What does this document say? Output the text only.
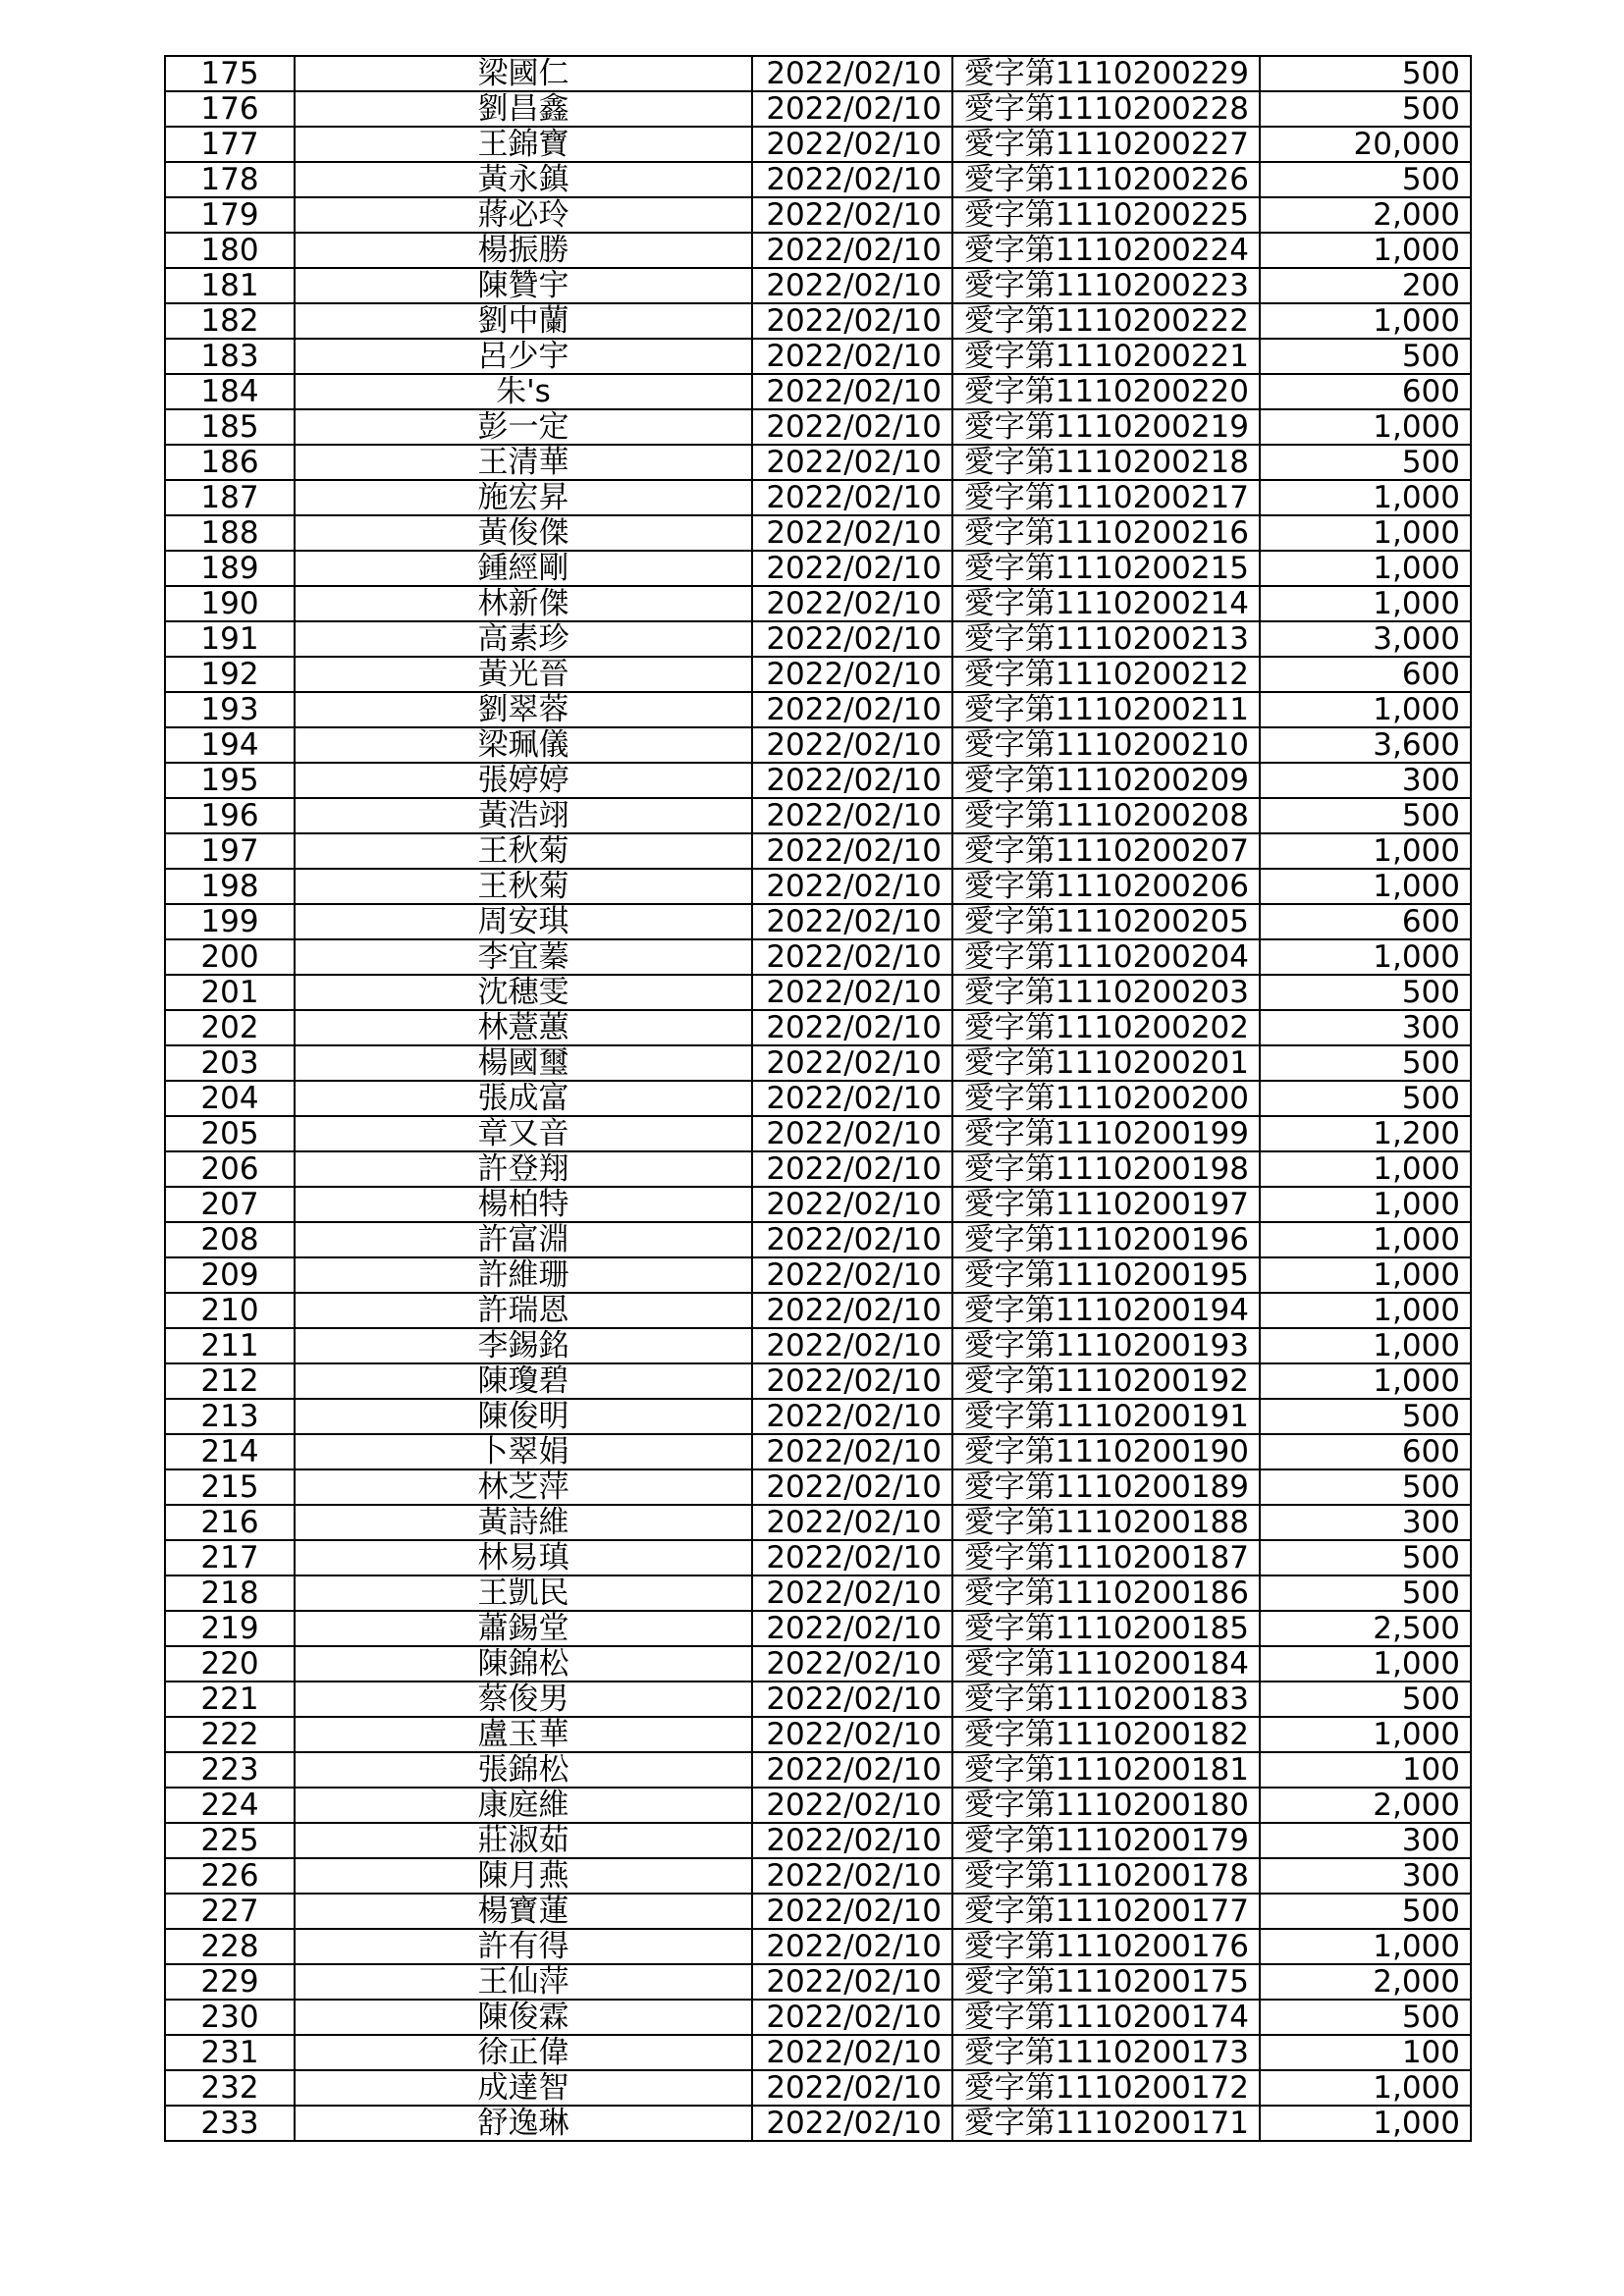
175	梁國仁	2022/02/10	愛字第1110200229	500
176	劉昌鑫	2022/02/10	愛字第1110200228	500
177	王錦寶	2022/02/10	愛字第1110200227	20,000
178	黃永鎮	2022/02/10	愛字第1110200226	500
179	蔣必玲	2022/02/10	愛字第1110200225	2,000
180	楊振勝	2022/02/10	愛字第1110200224	1,000
181	陳贊宇	2022/02/10	愛字第1110200223	200
182	劉中蘭	2022/02/10	愛字第1110200222	1,000
183	呂少宇	2022/02/10	愛字第1110200221	500
184	朱's	2022/02/10	愛字第1110200220	600
185	彭一定	2022/02/10	愛字第1110200219	1,000
186	王清華	2022/02/10	愛字第1110200218	500
187	施宏昇	2022/02/10	愛字第1110200217	1,000
188	黃俊傑	2022/02/10	愛字第1110200216	1,000
189	鍾經剛	2022/02/10	愛字第1110200215	1,000
190	林新傑	2022/02/10	愛字第1110200214	1,000
191	高素珍	2022/02/10	愛字第1110200213	3,000
192	黃光晉	2022/02/10	愛字第1110200212	600
193	劉翠蓉	2022/02/10	愛字第1110200211	1,000
194	梁珮儀	2022/02/10	愛字第1110200210	3,600
195	張婷婷	2022/02/10	愛字第1110200209	300
196	黃浩翊	2022/02/10	愛字第1110200208	500
197	王秋菊	2022/02/10	愛字第1110200207	1,000
198	王秋菊	2022/02/10	愛字第1110200206	1,000
199	周安琪	2022/02/10	愛字第1110200205	600
200	李宜蓁	2022/02/10	愛字第1110200204	1,000
201	沈穗雯	2022/02/10	愛字第1110200203	500
202	林薏蕙	2022/02/10	愛字第1110200202	300
203	楊國璽	2022/02/10	愛字第1110200201	500
204	張成富	2022/02/10	愛字第1110200200	500
205	章又音	2022/02/10	愛字第1110200199	1,200
206	許登翔	2022/02/10	愛字第1110200198	1,000
207	楊柏特	2022/02/10	愛字第1110200197	1,000
208	許富淵	2022/02/10	愛字第1110200196	1,000
209	許維珊	2022/02/10	愛字第1110200195	1,000
210	許瑞恩	2022/02/10	愛字第1110200194	1,000
211	李錫銘	2022/02/10	愛字第1110200193	1,000
212	陳瓊碧	2022/02/10	愛字第1110200192	1,000
213	陳俊明	2022/02/10	愛字第1110200191	500
214	卜翠娟	2022/02/10	愛字第1110200190	600
215	林芝萍	2022/02/10	愛字第1110200189	500
216	黃詩維	2022/02/10	愛字第1110200188	300
217	林易瑱	2022/02/10	愛字第1110200187	500
218	王凱民	2022/02/10	愛字第1110200186	500
219	蕭錫堂	2022/02/10	愛字第1110200185	2,500
220	陳錦松	2022/02/10	愛字第1110200184	1,000
221	蔡俊男	2022/02/10	愛字第1110200183	500
222	盧玉華	2022/02/10	愛字第1110200182	1,000
223	張錦松	2022/02/10	愛字第1110200181	100
224	康庭維	2022/02/10	愛字第1110200180	2,000
225	莊淑茹	2022/02/10	愛字第1110200179	300
226	陳月燕	2022/02/10	愛字第1110200178	300
227	楊寶蓮	2022/02/10	愛字第1110200177	500
228	許有得	2022/02/10	愛字第1110200176	1,000
229	王仙萍	2022/02/10	愛字第1110200175	2,000
230	陳俊霖	2022/02/10	愛字第1110200174	500
231	徐正偉	2022/02/10	愛字第1110200173	100
232	成達智	2022/02/10	愛字第1110200172	1,000
233	舒逸琳	2022/02/10	愛字第1110200171	1,000
